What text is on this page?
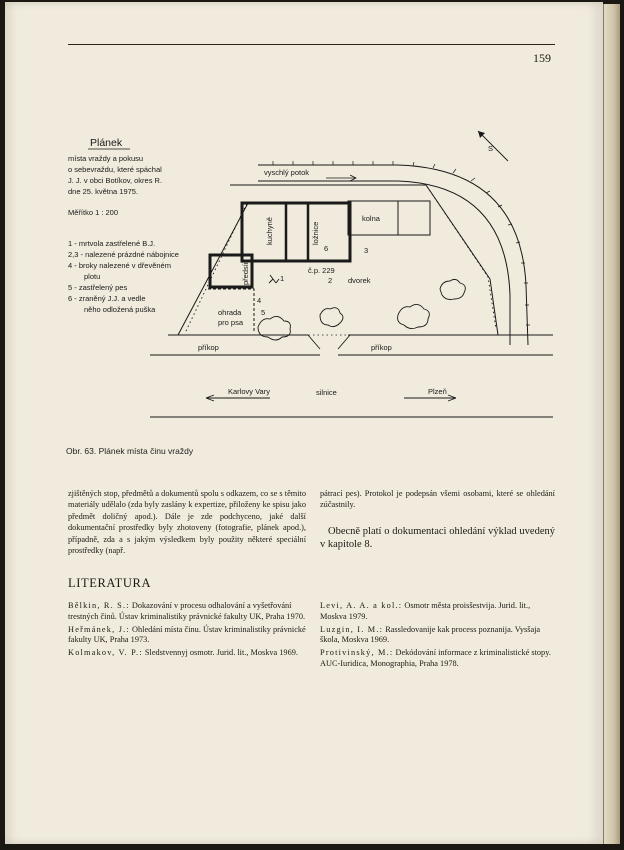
159
Plánek
místa vraždy a pokusu
o sebevraždu, které spáchal
J. J. v obci Botíkov, okres R.
dne 25. května 1975.
Měřítko 1 : 200
1 - mrtvola zastřelené B.J.
2,3 - nalezené prázdné nábojnice
4 - broky nalezené v dřevěném
plotu
5 - zastřelený pes
6 - zraněný J.J. a vedle
něho odložená puška
vyschlý potok
S
kuchyně	ložnice
předsíň	č.p. 229
kolna
ohrada pro psa
dvorek
1	2
3
4
5
6
příkop	příkop
silnice
Karlovy Vary	Plzeň
Obr. 63. Plánek místa činu vraždy
zjištěných stop, předmětů a dokumentů spolu s odkazem, co se s těmito materiály udělalo (zda byly zaslány k expertize, přiloženy ke spisu jako předmět doličný apod.). Dále je zde podchyceno, jaké další dokumentační prostředky byly zhotoveny (fotografie, plánek apod.), případně, zda a s jakým výsledkem byly použity některé speciální prostředky (např.
pátrací pes). Protokol je podepsán všemi osobami, které se ohledání zúčastnily.
Obecně platí o dokumentaci ohledání výklad uvedený v kapitole 8.
LITERATURA
Bělkin, R. S.: Dokazování v procesu odhalování a vyšetřování trestných činů. Ústav kriminalistiky právnické fakulty UK, Praha 1970.
Heřmánek, J.: Ohledání místa činu. Ústav kriminalistiky právnické fakulty UK, Praha 1973.
Kolmakov, V. P.: Sledstvennyj osmotr. Jurid. lit., Moskva 1969.
Levi, A. A. a kol.: Osmotr města proisšestvija. Jurid. lit., Moskva 1979.
Luzgin, I. M.: Rassledovanije kak process poznanija. Vysšaja škola, Moskva 1969.
Protivinský, M.: Dekódování informace z kriminalistické stopy. AUC-Iuridica, Monographia, Praha 1978.
